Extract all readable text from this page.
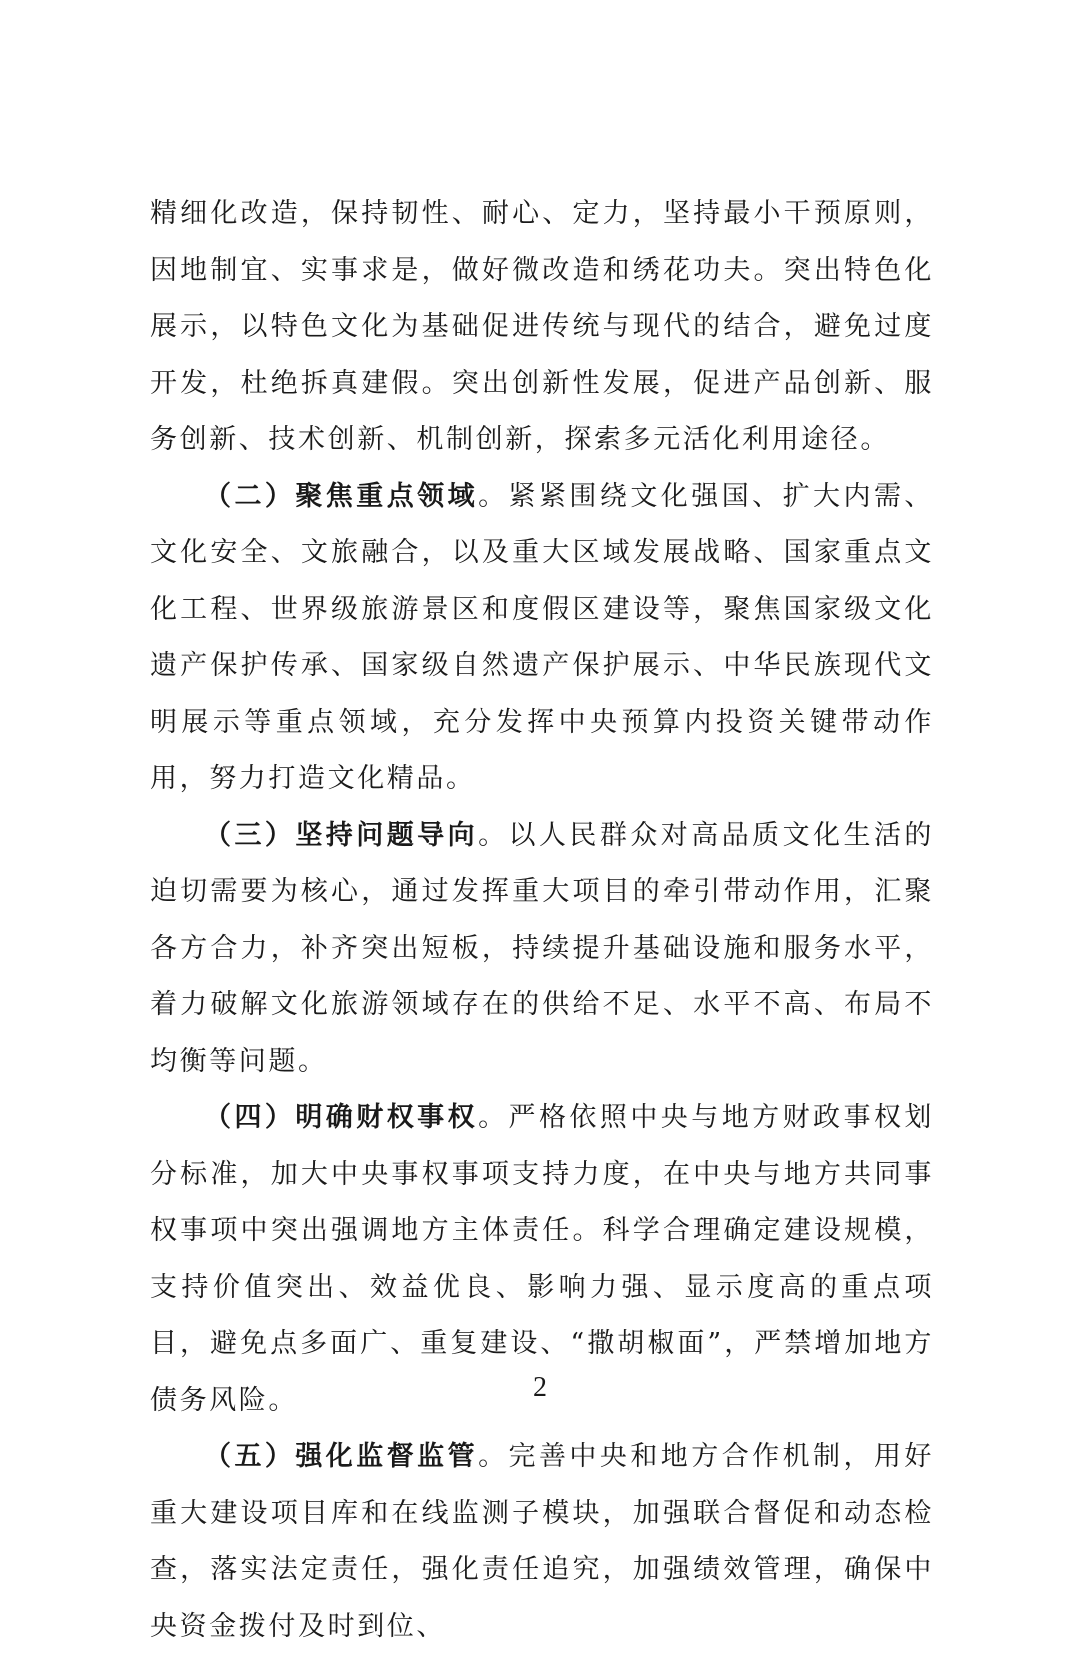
精细化改造，保持韧性、耐心、定力，坚持最小干预原则，因地制宜、实事求是，做好微改造和绣花功夫。突出特色化展示，以特色文化为基础促进传统与现代的结合，避免过度开发，杜绝拆真建假。突出创新性发展，促进产品创新、服务创新、技术创新、机制创新，探索多元活化利用途径。

（二）聚焦重点领域。紧紧围绕文化强国、扩大内需、文化安全、文旅融合，以及重大区域发展战略、国家重点文化工程、世界级旅游景区和度假区建设等，聚焦国家级文化遗产保护传承、国家级自然遗产保护展示、中华民族现代文明展示等重点领域，充分发挥中央预算内投资关键带动作用，努力打造文化精品。

（三）坚持问题导向。以人民群众对高品质文化生活的迫切需要为核心，通过发挥重大项目的牵引带动作用，汇聚各方合力，补齐突出短板，持续提升基础设施和服务水平，着力破解文化旅游领域存在的供给不足、水平不高、布局不均衡等问题。

（四）明确财权事权。严格依照中央与地方财政事权划分标准，加大中央事权事项支持力度，在中央与地方共同事权事项中突出强调地方主体责任。科学合理确定建设规模，支持价值突出、效益优良、影响力强、显示度高的重点项目，避免点多面广、重复建设、“撒胡椒面”，严禁增加地方债务风险。

（五）强化监督监管。完善中央和地方合作机制，用好重大建设项目库和在线监测子模块，加强联合督促和动态检查，落实法定责任，强化责任追究，加强绩效管理，确保中央资金拨付及时到位、

2
